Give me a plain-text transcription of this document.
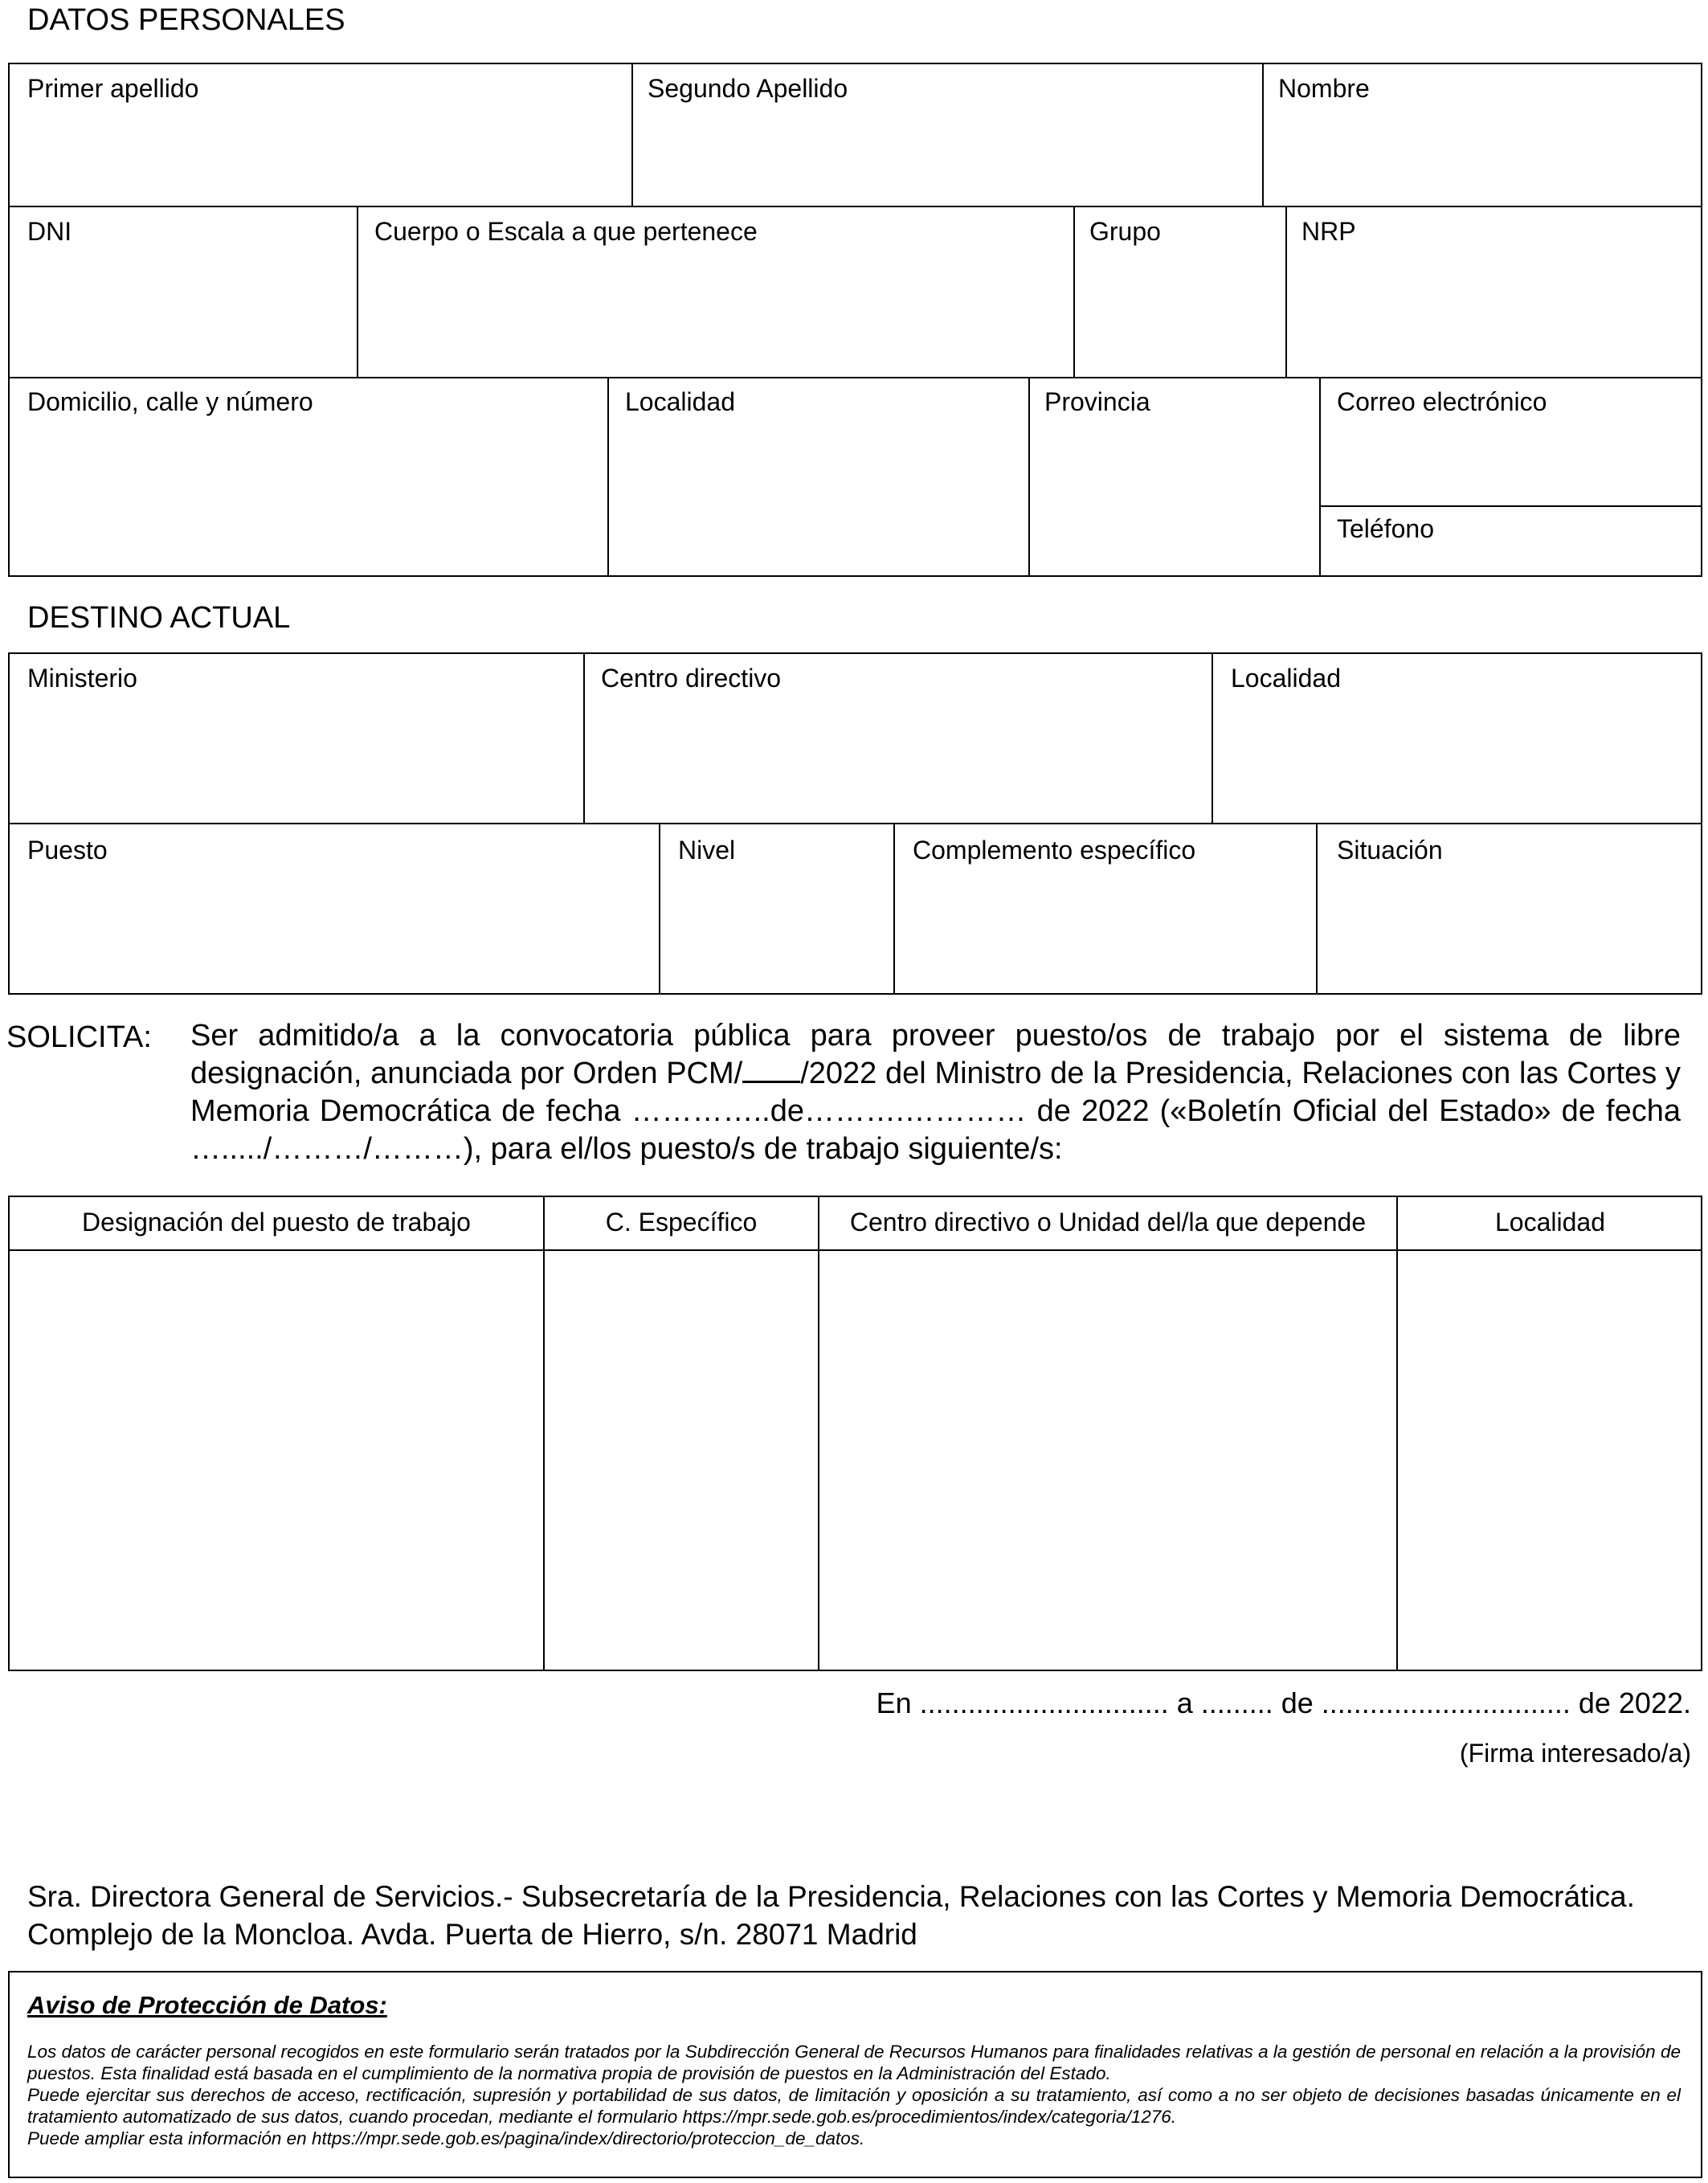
DATOS PERSONALES
Primer apellido	Segundo Apellido	Nombre
DNI	Cuerpo o Escala a que pertenece	Grupo	NRP
Domicilio, calle y número	Localidad	Provincia	Correo electrónico
Teléfono
DESTINO ACTUAL
Ministerio	Centro directivo	Localidad
Puesto	Nivel	Complemento específico	Situación
SOLICITA: Ser admitido/a a la convocatoria pública para proveer puesto/os de trabajo por el sistema de libre designación, anunciada por Orden PCM/ /2022 del Ministro de la Presidencia, Relaciones con las Cortes y Memoria Democrática de fecha …………..de……….………… de 2022 («Boletín Oficial del Estado» de fecha …...../………/………), para el/los puesto/s de trabajo siguiente/s:
Designación del puesto de trabajo	C. Específico	Centro directivo o Unidad del/la que depende	Localidad
En ............................... a ......... de ............................... de 2022.
(Firma interesado/a)
Sra. Directora General de Servicios.- Subsecretaría de la Presidencia, Relaciones con las Cortes y Memoria Democrática.
Complejo de la Moncloa. Avda. Puerta de Hierro, s/n. 28071 Madrid
Aviso de Protección de Datos:

Los datos de carácter personal recogidos en este formulario serán tratados por la Subdirección General de Recursos Humanos para finalidades relativas a la gestión de personal en relación a la provisión de puestos. Esta finalidad está basada en el cumplimiento de la normativa propia de provisión de puestos en la Administración del Estado.

Puede ejercitar sus derechos de acceso, rectificación, supresión y portabilidad de sus datos, de limitación y oposición a su tratamiento, así como a no ser objeto de decisiones basadas únicamente en el tratamiento automatizado de sus datos, cuando procedan, mediante el formulario https://mpr.sede.gob.es/procedimientos/index/categoria/1276.

Puede ampliar esta información en https://mpr.sede.gob.es/pagina/index/directorio/proteccion_de_datos.
